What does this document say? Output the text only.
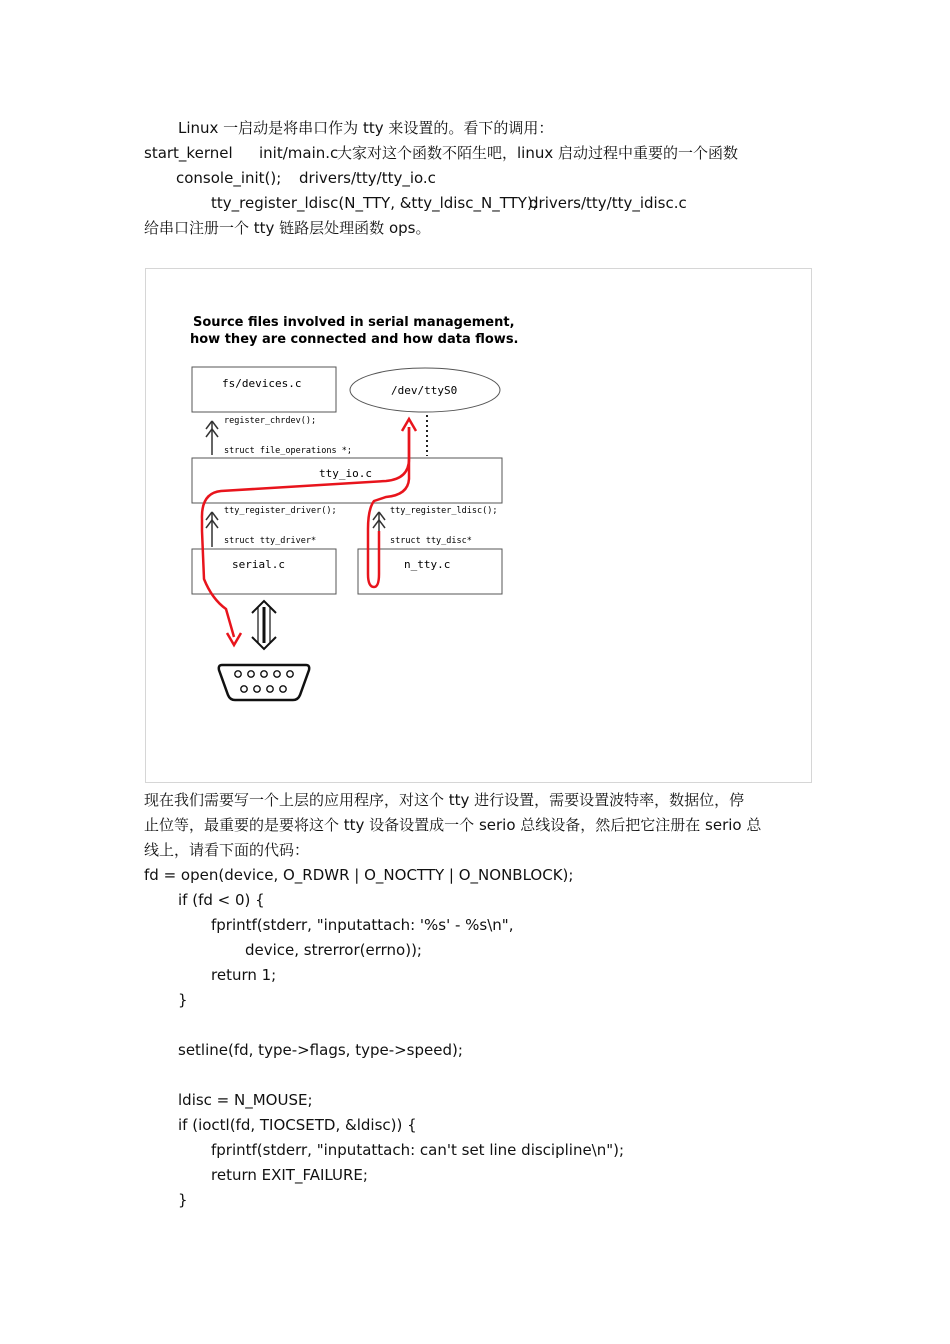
Linux 一启动是将串口作为 tty 来设置的。看下的调用：
start_kernel init/main.c
大家对这个函数不陌生吧，linux 启动过程中重要的一个函数
console_init(); drivers/tty/tty_io.c
tty_register_ldisc(N_TTY, &tty_ldisc_N_TTY);
drivers/tty/tty_idisc.c
给串口注册一个 tty 链路层处理函数 ops。
Source files involved in serial management,
how they are connected and how data flows.
fs/devices.c
/dev/ttyS0
register_chrdev();
struct file_operations *;
tty_io.c
tty_register_driver();
struct tty_driver*
tty_register_ldisc();
struct tty_disc*
serial.c	n_tty.c
现在我们需要写一个上层的应用程序，对这个 tty 进行设置，需要设置波特率，数据位，停
止位等，最重要的是要将这个 tty 设备设置成一个 serio 总线设备，然后把它注册在 serio 总
线上，请看下面的代码：
fd = open(device, O_RDWR | O_NOCTTY | O_NONBLOCK);
if (fd < 0) {
fprintf(stderr, "inputattach: '%s' - %s\n",
device, strerror(errno));
return 1;
}
setline(fd, type->flags, type->speed);
ldisc = N_MOUSE;
if (ioctl(fd, TIOCSETD, &ldisc)) {
fprintf(stderr, "inputattach: can't set line discipline\n");
return EXIT_FAILURE;
}
